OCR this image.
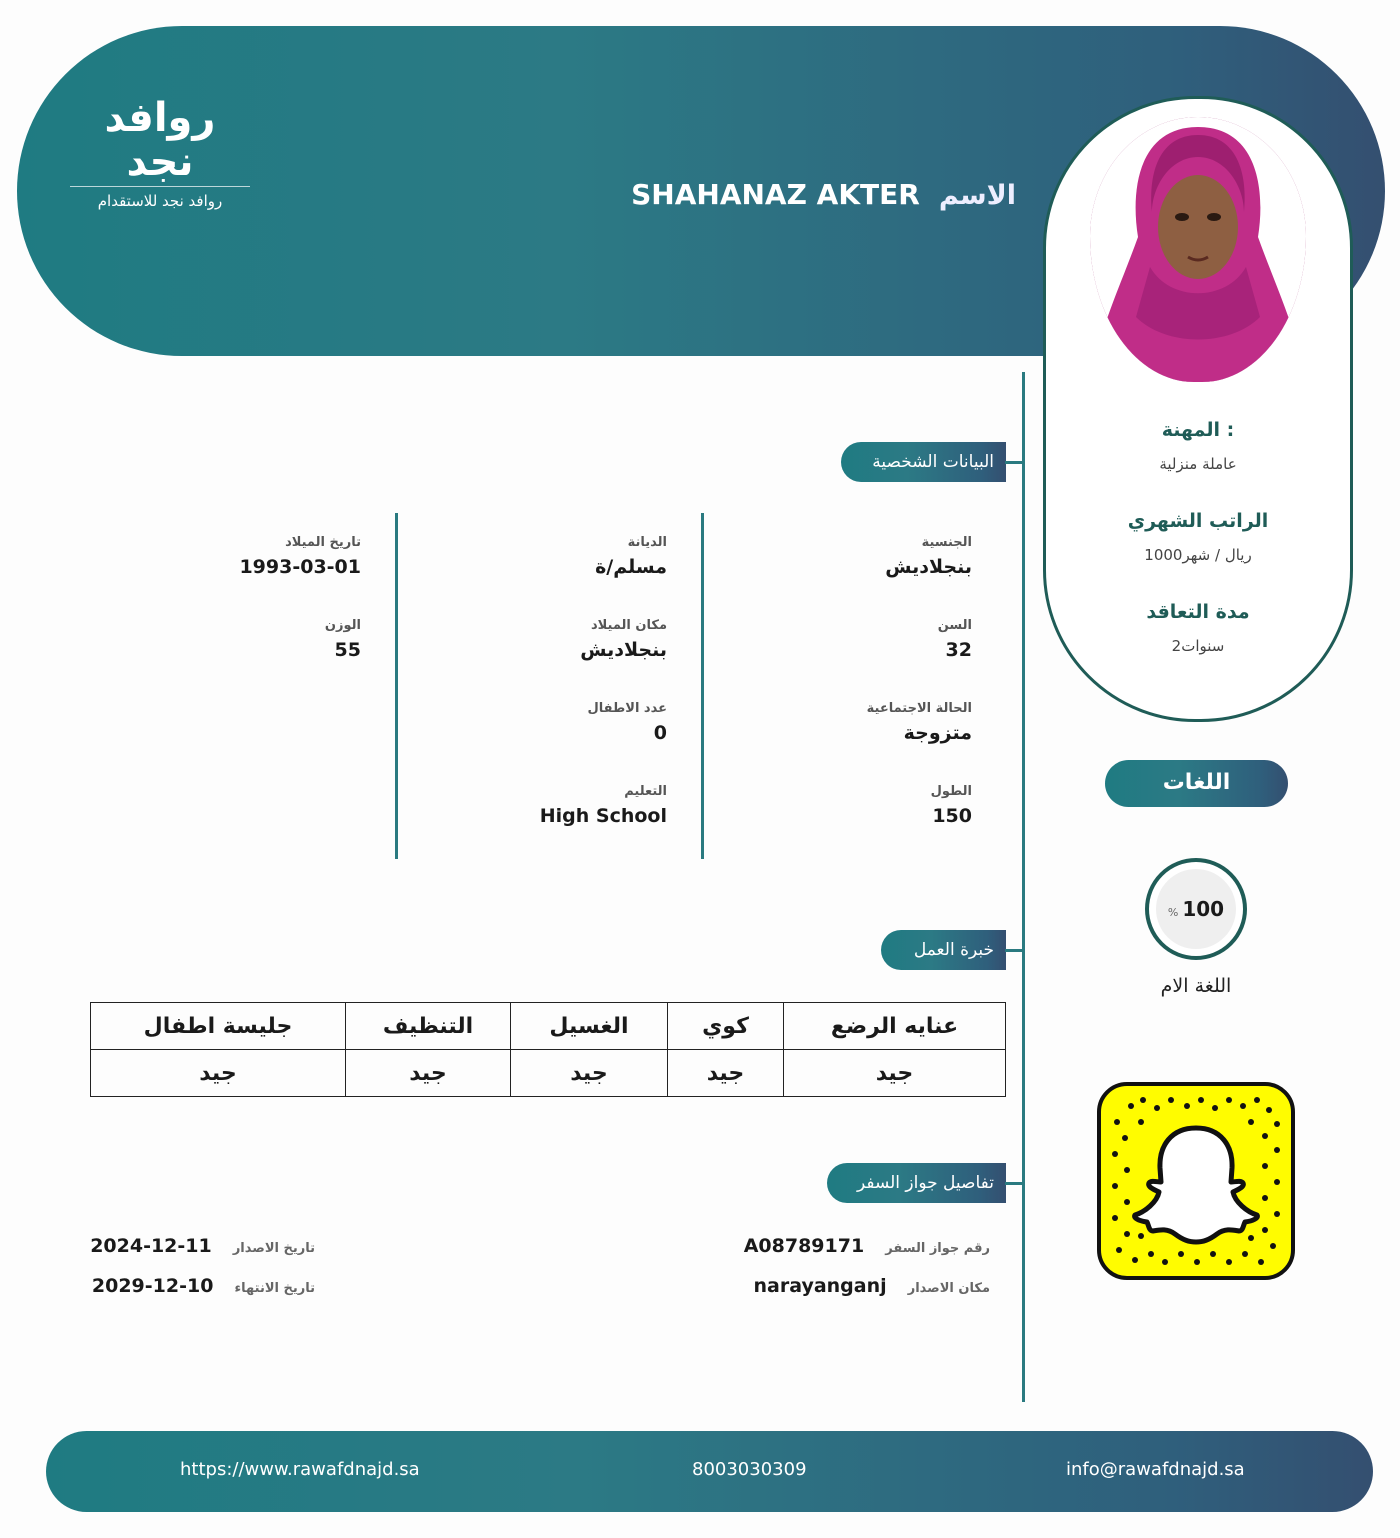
روافد نجد
روافد نجد للاستقدام	SHAHANAZ AKTER الاسم
المهنة :
عاملة منزلية
الراتب الشهري
1000ريال / شهر
مدة التعاقد
2سنوات
البيانات الشخصية
الجنسية
بنجلاديش
السن
32
الحالة الاجتماعية
متزوجة
الطول
150
الديانة
مسلم/ة
مكان الميلاد
بنجلاديش
عدد الاطفال
0
التعليم
High School
تاريخ الميلاد
1993-03-01
الوزن
55
خبرة العمل
عنايه الرضع	كوي	الغسيل	التنظيف	جليسة اطفال
جيد	جيد	جيد	جيد	جيد
تفاصيل جواز السفر
A08789171 رقم جواز السفر
narayanganj مكان الاصدار
2024-12-11 تاريخ الاصدار
2029-12-10 تاريخ الانتهاء
اللغات
% 100
اللغة الام
https://www.rawafdnajd.sa	8003030309	info@rawafdnajd.sa
